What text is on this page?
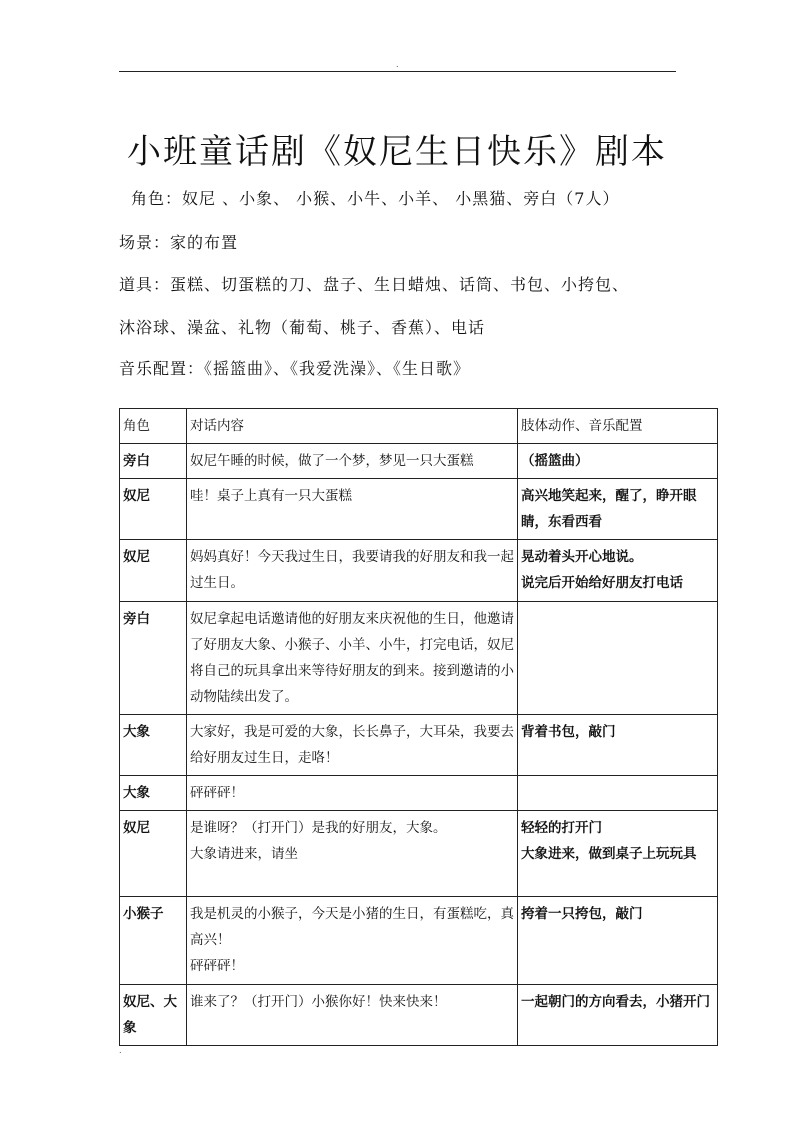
.
小班童话剧《奴尼生日快乐》剧本
角色：奴尼 、小象、 小猴、小牛、小羊、 小黑猫、旁白（7人）
场景：家的布置
道具：蛋糕、切蛋糕的刀、盘子、生日蜡烛、话筒、书包、小挎包、
沐浴球、澡盆、礼物（葡萄、桃子、香蕉）、电话
音乐配置：《摇篮曲》、《我爱洗澡》、《生日歌》
角色	对话内容	肢体动作、音乐配置
旁白	奴尼午睡的时候，做了一个梦，梦见一只大蛋糕	（摇篮曲）

奴尼	哇！桌子上真有一只大蛋糕	高兴地笑起来，醒了，睁开眼睛，东看西看

奴尼	妈妈真好！今天我过生日，我要请我的好朋友和我一起过生日。	晃动着头开心地说。
说完后开始给好朋友打电话

旁白	奴尼拿起电话邀请他的好朋友来庆祝他的生日，他邀请了好朋友大象、小猴子、小羊、小牛，打完电话，奴尼将自己的玩具拿出来等待好朋友的到来。接到邀请的小动物陆续出发了。	

大象	大家好，我是可爱的大象，长长鼻子，大耳朵，我要去给好朋友过生日，走咯！	背着书包，敲门

大象	砰砰砰！	

奴尼	是谁呀？（打开门）是我的好朋友，大象。
大象请进来，请坐	轻轻的打开门
大象进来，做到桌子上玩玩具

小猴子	我是机灵的小猴子，今天是小猪的生日，有蛋糕吃，真高兴！
砰砰砰！	挎着一只挎包，敲门

奴尼、大象	谁来了？（打开门）小猴你好！快来快来！	一起朝门的方向看去，小猪开门
.
